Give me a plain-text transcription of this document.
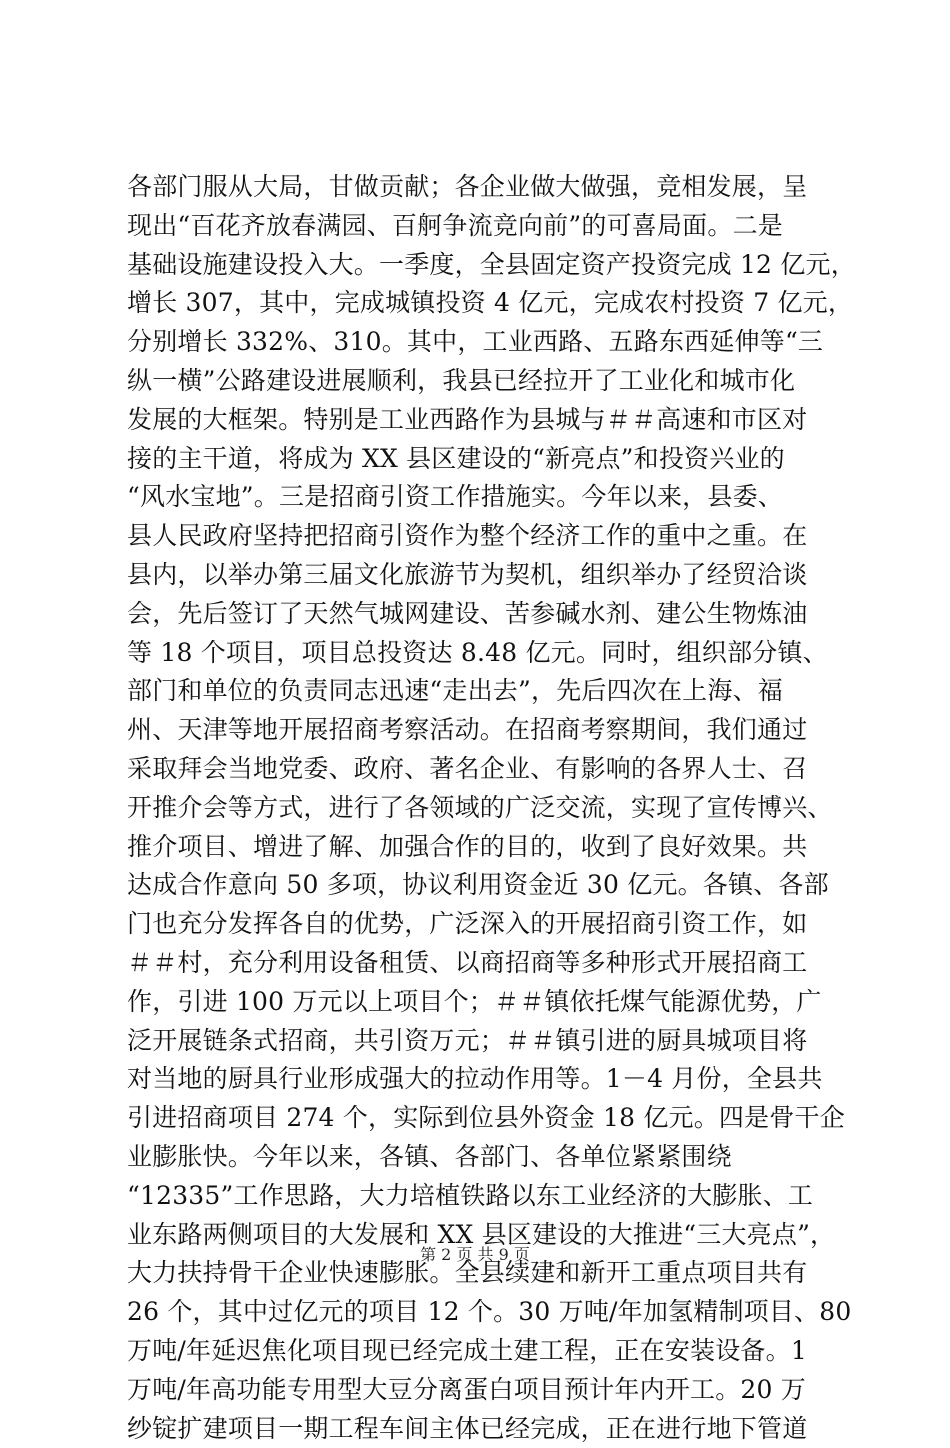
各部门服从大局，甘做贡献；各企业做大做强，竞相发展，呈
现出“百花齐放春满园、百舸争流竞向前”的可喜局面。二是
基础设施建设投入大。一季度，全县固定资产投资完成 12 亿元，
增长 307，其中，完成城镇投资 4 亿元，完成农村投资 7 亿元，
分别增长 332%、310。其中，工业西路、五路东西延伸等“三
纵一横”公路建设进展顺利，我县已经拉开了工业化和城市化
发展的大框架。特别是工业西路作为县城与＃＃高速和市区对
接的主干道，将成为 XX 县区建设的“新亮点”和投资兴业的
“风水宝地”。三是招商引资工作措施实。今年以来，县委、
县人民政府坚持把招商引资作为整个经济工作的重中之重。在
县内，以举办第三届文化旅游节为契机，组织举办了经贸洽谈
会，先后签订了天然气城网建设、苦参碱水剂、建公生物炼油
等 18 个项目，项目总投资达 8.48 亿元。同时，组织部分镇、
部门和单位的负责同志迅速“走出去”，先后四次在上海、福
州、天津等地开展招商考察活动。在招商考察期间，我们通过
采取拜会当地党委、政府、著名企业、有影响的各界人士、召
开推介会等方式，进行了各领域的广泛交流，实现了宣传博兴、
推介项目、增进了解、加强合作的目的，收到了良好效果。共
达成合作意向 50 多项，协议利用资金近 30 亿元。各镇、各部
门也充分发挥各自的优势，广泛深入的开展招商引资工作，如
＃＃村，充分利用设备租赁、以商招商等多种形式开展招商工
作，引进 100 万元以上项目个；＃＃镇依托煤气能源优势，广
泛开展链条式招商，共引资万元；＃＃镇引进的厨具城项目将
对当地的厨具行业形成强大的拉动作用等。1－4 月份，全县共
引进招商项目 274 个，实际到位县外资金 18 亿元。四是骨干企
业膨胀快。今年以来，各镇、各部门、各单位紧紧围绕
“12335”工作思路，大力培植铁路以东工业经济的大膨胀、工
业东路两侧项目的大发展和 XX 县区建设的大推进“三大亮点”，
大力扶持骨干企业快速膨胀。全县续建和新开工重点项目共有
26 个，其中过亿元的项目 12 个。30 万吨/年加氢精制项目、80
万吨/年延迟焦化项目现已经完成土建工程，正在安装设备。1
万吨/年高功能专用型大豆分离蛋白项目预计年内开工。20 万
纱锭扩建项目一期工程车间主体已经完成，正在进行地下管道
第 2 页 共 9 页
